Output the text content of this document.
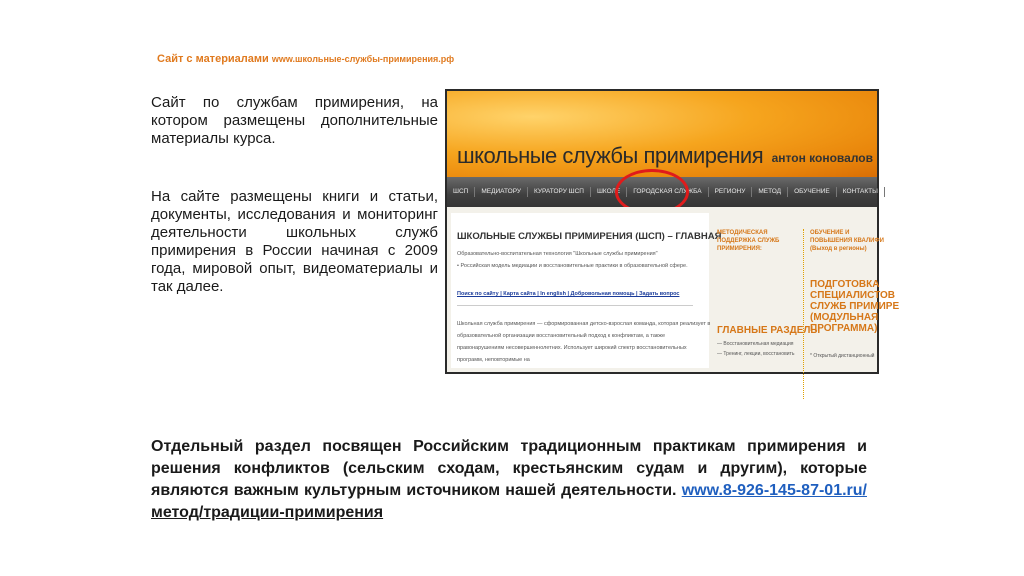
Сайт с материалами www.школьные-службы-примирения.рф
Сайт по службам примирения, на котором размещены дополнительные материалы курса.
На сайте размещены книги и статьи, документы, исследования и мониторинг деятельности школьных служб примирения в России начиная с 2009 года, мировой опыт, видеоматериалы и так далее.
школьные службы примирения антон коновалов
ШСП	МЕДИАТОРУ	КУРАТОРУ ШСП	ШКОЛЕ	ГОРОДСКАЯ СЛУЖБА	РЕГИОНУ	МЕТОД	ОБУЧЕНИЕ	КОНТАКТЫ
ШКОЛЬНЫЕ СЛУЖБЫ ПРИМИРЕНИЯ (ШСП) – ГЛАВНАЯ
Образовательно-воспитательная технология "Школьные службы примирения"
• Российская модель медиации и восстановительные практики в образовательной сфере.
Поиск по сайту | Карта сайта | In english | Добровольная помощь | Задать вопрос
Школьная служба примирения — сформированная детско-взрослая команда, которая реализует в
образовательной организации восстановительный подход к конфликтам, а также
правонарушениям несовершеннолетних. Использует широкий спектр восстановительных
программ, неповторимые на
МЕТОДИЧЕСКАЯ ПОДДЕРЖКА СЛУЖБ ПРИМИРЕНИЯ:
ГЛАВНЫЕ РАЗДЕЛЫ
— Восстановительная медиация
— Тренинг, лекции, восстановить
ОБУЧЕНИЕ И
ПОВЫШЕНИЯ КВАЛИФИ
(Выход в регионы)
ПОДГОТОВКА
СПЕЦИАЛИСТОВ
СЛУЖБ ПРИМИРЕ
(МОДУЛЬНАЯ
ПРОГРАММА)
* Открытый дистанционный
Отдельный раздел посвящен Российским традиционным практикам примирения и решения конфликтов (сельским сходам, крестьянским судам и другим), которые являются важным культурным источником нашей деятельности. www.8-926-145-87-01.ru/метод/традиции-примирения
